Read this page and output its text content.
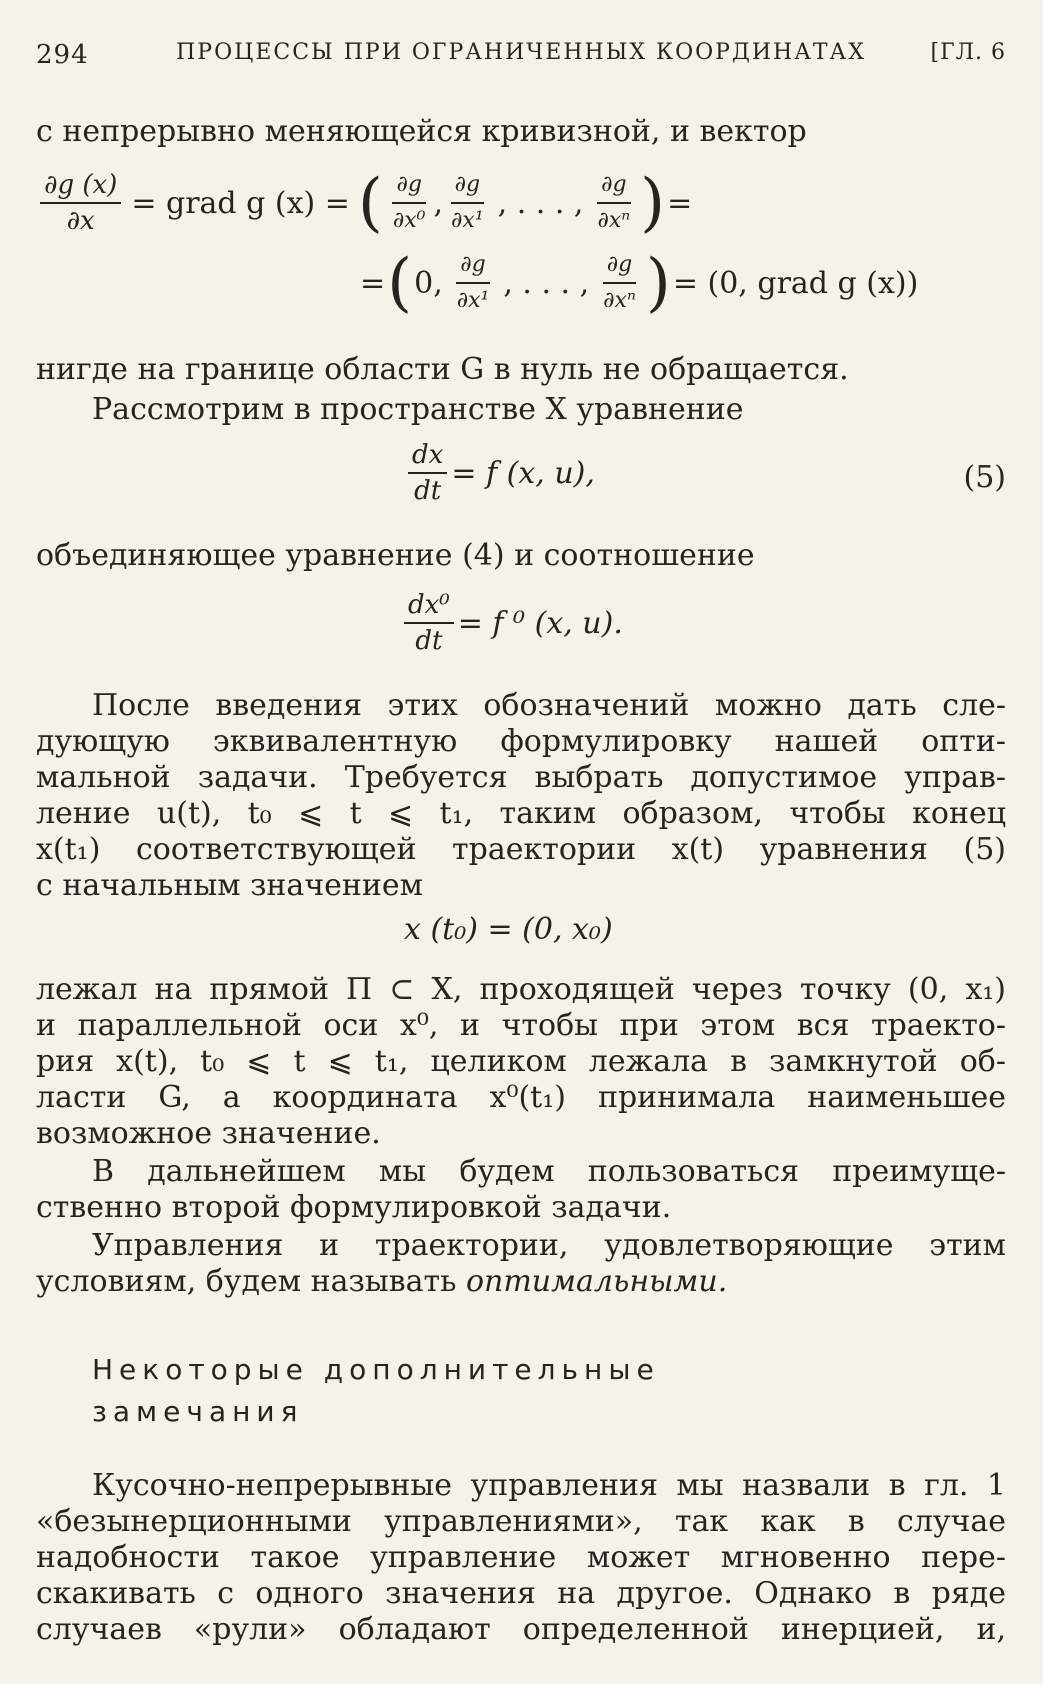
294	ПРОЦЕССЫ ПРИ ОГРАНИЧЕННЫХ КООРДИНАТАХ	[ГЛ. 6
с непрерывно меняющейся кривизной, и вектор
$\frac{\partial g (x)}{\partial x}$ = grad g (x) = ( $\frac{\partial g}{\text{∂x⁰}}$ , $\frac{\partial g}{\text{∂x¹}}$ , . . . , $\frac{\partial g}{\text{∂xⁿ}}$ ) =
= ( 0, $\frac{\partial g}{\text{∂x¹}}$ , . . . , $\frac{\partial g}{\text{∂xⁿ}}$ ) = (0, grad g (x))
нигде на границе области G в нуль не обращается.
Рассмотрим в пространстве X уравнение
$\frac{dx}{dt} = f$ (x, u),	(5)
объединяющее уравнение (4) и соотношение
$\frac{\text{dx⁰}}{dt} = f$ ⁰ (x, u).
После введения этих обозначений можно дать сле-
дующую эквивалентную формулировку нашей опти-
мальной задачи. Требуется выбрать допустимое управ-
ление u(t), t₀ ⩽ t ⩽ t₁, таким образом, чтобы конец
x(t₁) соответствующей траектории x(t) уравнения (5)
с начальным значением
x (t₀) = (0, x₀)
лежал на прямой Π ⊂ X, проходящей через точку (0, x₁)
и параллельной оси x⁰, и чтобы при этом вся траекто-
рия x(t), t₀ ⩽ t ⩽ t₁, целиком лежала в замкнутой об-
ласти G, а координата x⁰(t₁) принимала наименьшее
возможное значение.
В дальнейшем мы будем пользоваться преимуще-
ственно второй формулировкой задачи.
Управления и траектории, удовлетворяющие этим
условиям, будем называть оптимальными.
Некоторые дополнительные
замечания
Кусочно-непрерывные управления мы назвали в гл. 1
«безынерционными управлениями», так как в случае
надобности такое управление может мгновенно пере-
скакивать с одного значения на другое. Однако в ряде
случаев «рули» обладают определенной инерцией, и,
